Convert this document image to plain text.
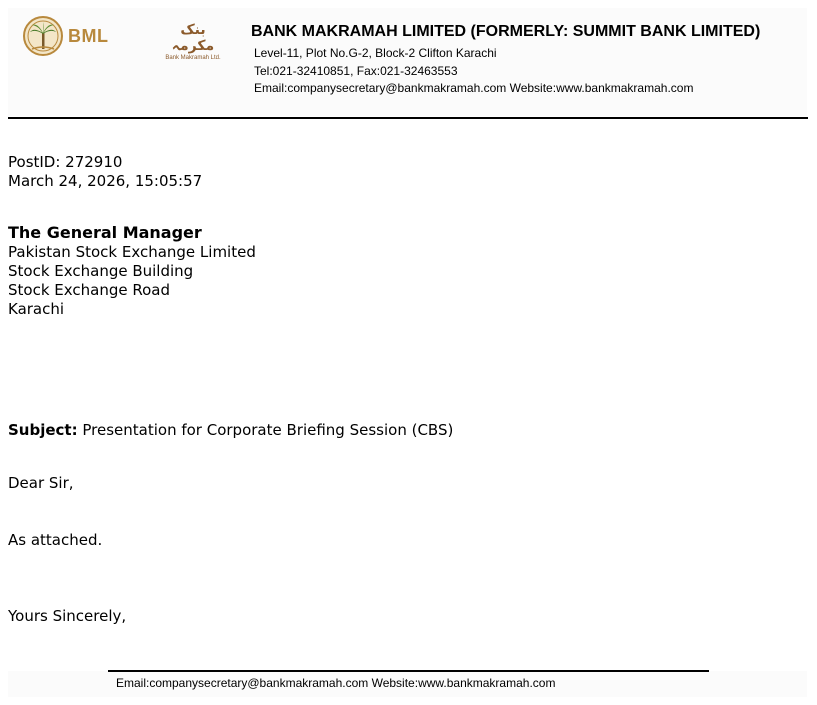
BML	بنک مکرمہ
Bank Makramah Ltd.
BANK MAKRAMAH LIMITED (FORMERLY: SUMMIT BANK LIMITED)
Level-11, Plot No.G-2, Block-2 Clifton Karachi
Tel:021-32410851, Fax:021-32463553
Email:companysecretary@bankmakramah.com Website:www.bankmakramah.com
PostID: 272910
March 24, 2026, 15:05:57
The General Manager
Pakistan Stock Exchange Limited
Stock Exchange Building
Stock Exchange Road
Karachi
Subject: Presentation for Corporate Briefing Session (CBS)
Dear Sir,
As attached.
Yours Sincerely,
Email:companysecretary@bankmakramah.com Website:www.bankmakramah.com
